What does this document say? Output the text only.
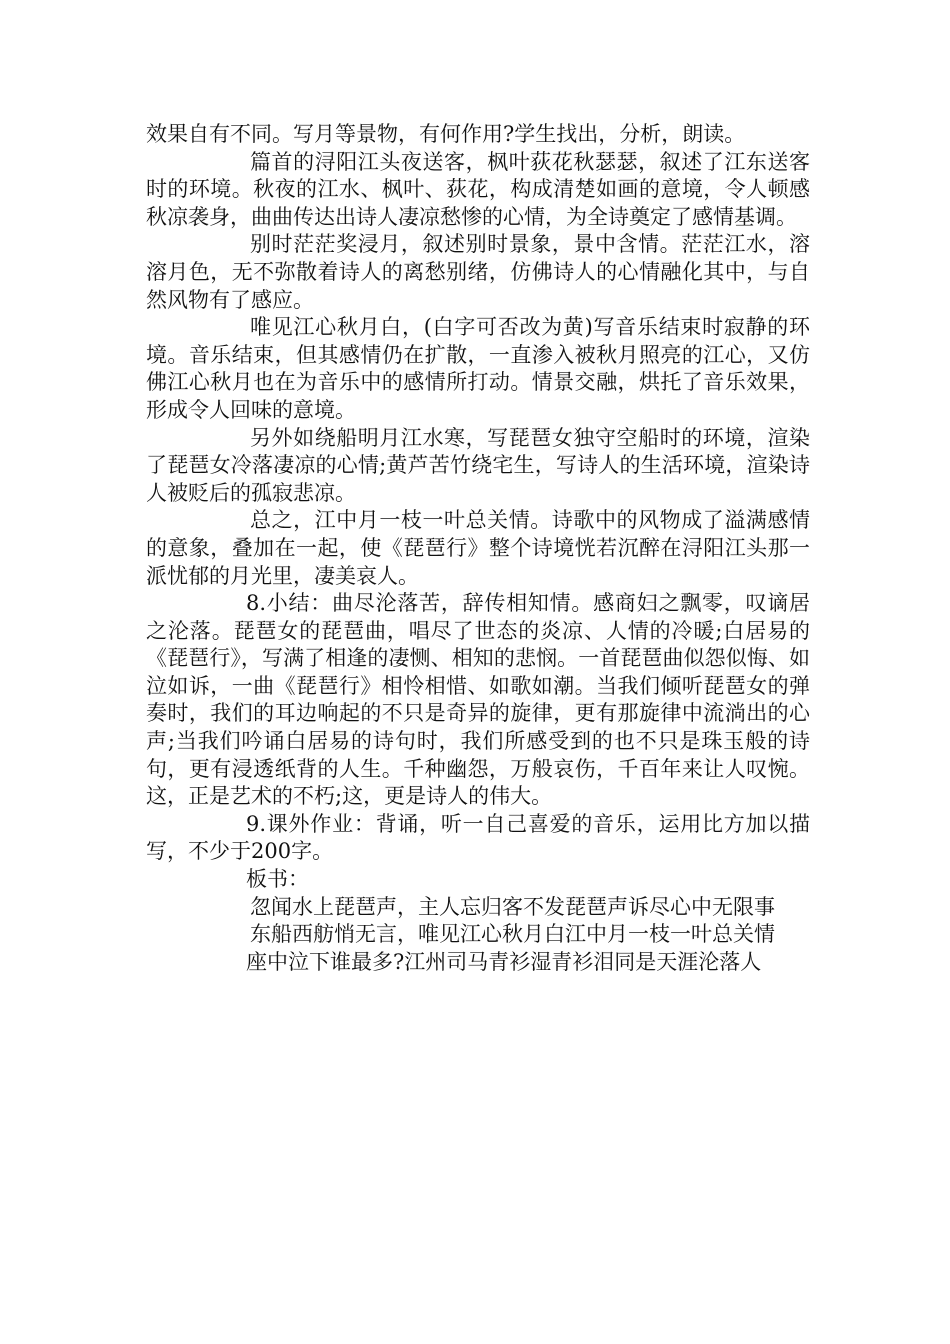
效果自有不同。写月等景物，有何作用?学生找出，分析，朗读。

篇首的浔阳江头夜送客，枫叶荻花秋瑟瑟，叙述了江东送客时的环境。秋夜的江水、枫叶、荻花，构成清楚如画的意境，令人顿感秋凉袭身，曲曲传达出诗人凄凉愁惨的心情，为全诗奠定了感情基调。

别时茫茫奖浸月，叙述别时景象，景中含情。茫茫江水，溶溶月色，无不弥散着诗人的离愁别绪，仿佛诗人的心情融化其中，与自然风物有了感应。

唯见江心秋月白，(白字可否改为黄)写音乐结束时寂静的环境。音乐结束，但其感情仍在扩散，一直渗入被秋月照亮的江心，又仿佛江心秋月也在为音乐中的感情所打动。情景交融，烘托了音乐效果，形成令人回味的意境。

另外如绕船明月江水寒，写琵琶女独守空船时的环境，渲染了琵琶女冷落凄凉的心情;黄芦苦竹绕宅生，写诗人的生活环境，渲染诗人被贬后的孤寂悲凉。

总之，江中月一枝一叶总关情。诗歌中的风物成了溢满感情的意象，叠加在一起，使《琵琶行》整个诗境恍若沉醉在浔阳江头那一派忧郁的月光里，凄美哀人。

8.小结：曲尽沦落苦，辞传相知情。感商妇之飘零，叹谪居之沦落。琵琶女的琵琶曲，唱尽了世态的炎凉、人情的冷暖;白居易的《琵琶行》，写满了相逢的凄恻、相知的悲悯。一首琵琶曲似怨似悔、如泣如诉，一曲《琵琶行》相怜相惜、如歌如潮。当我们倾听琵琶女的弹奏时，我们的耳边响起的不只是奇异的旋律，更有那旋律中流淌出的心声;当我们吟诵白居易的诗句时，我们所感受到的也不只是珠玉般的诗句，更有浸透纸背的人生。千种幽怨，万般哀伤，千百年来让人叹惋。这，正是艺术的不朽;这，更是诗人的伟大。

9.课外作业：背诵，听一自己喜爱的音乐，运用比方加以描写，不少于200字。

板书：

忽闻水上琵琶声，主人忘归客不发琵琶声诉尽心中无限事

东船西舫悄无言，唯见江心秋月白江中月一枝一叶总关情

座中泣下谁最多?江州司马青衫湿青衫泪同是天涯沦落人
